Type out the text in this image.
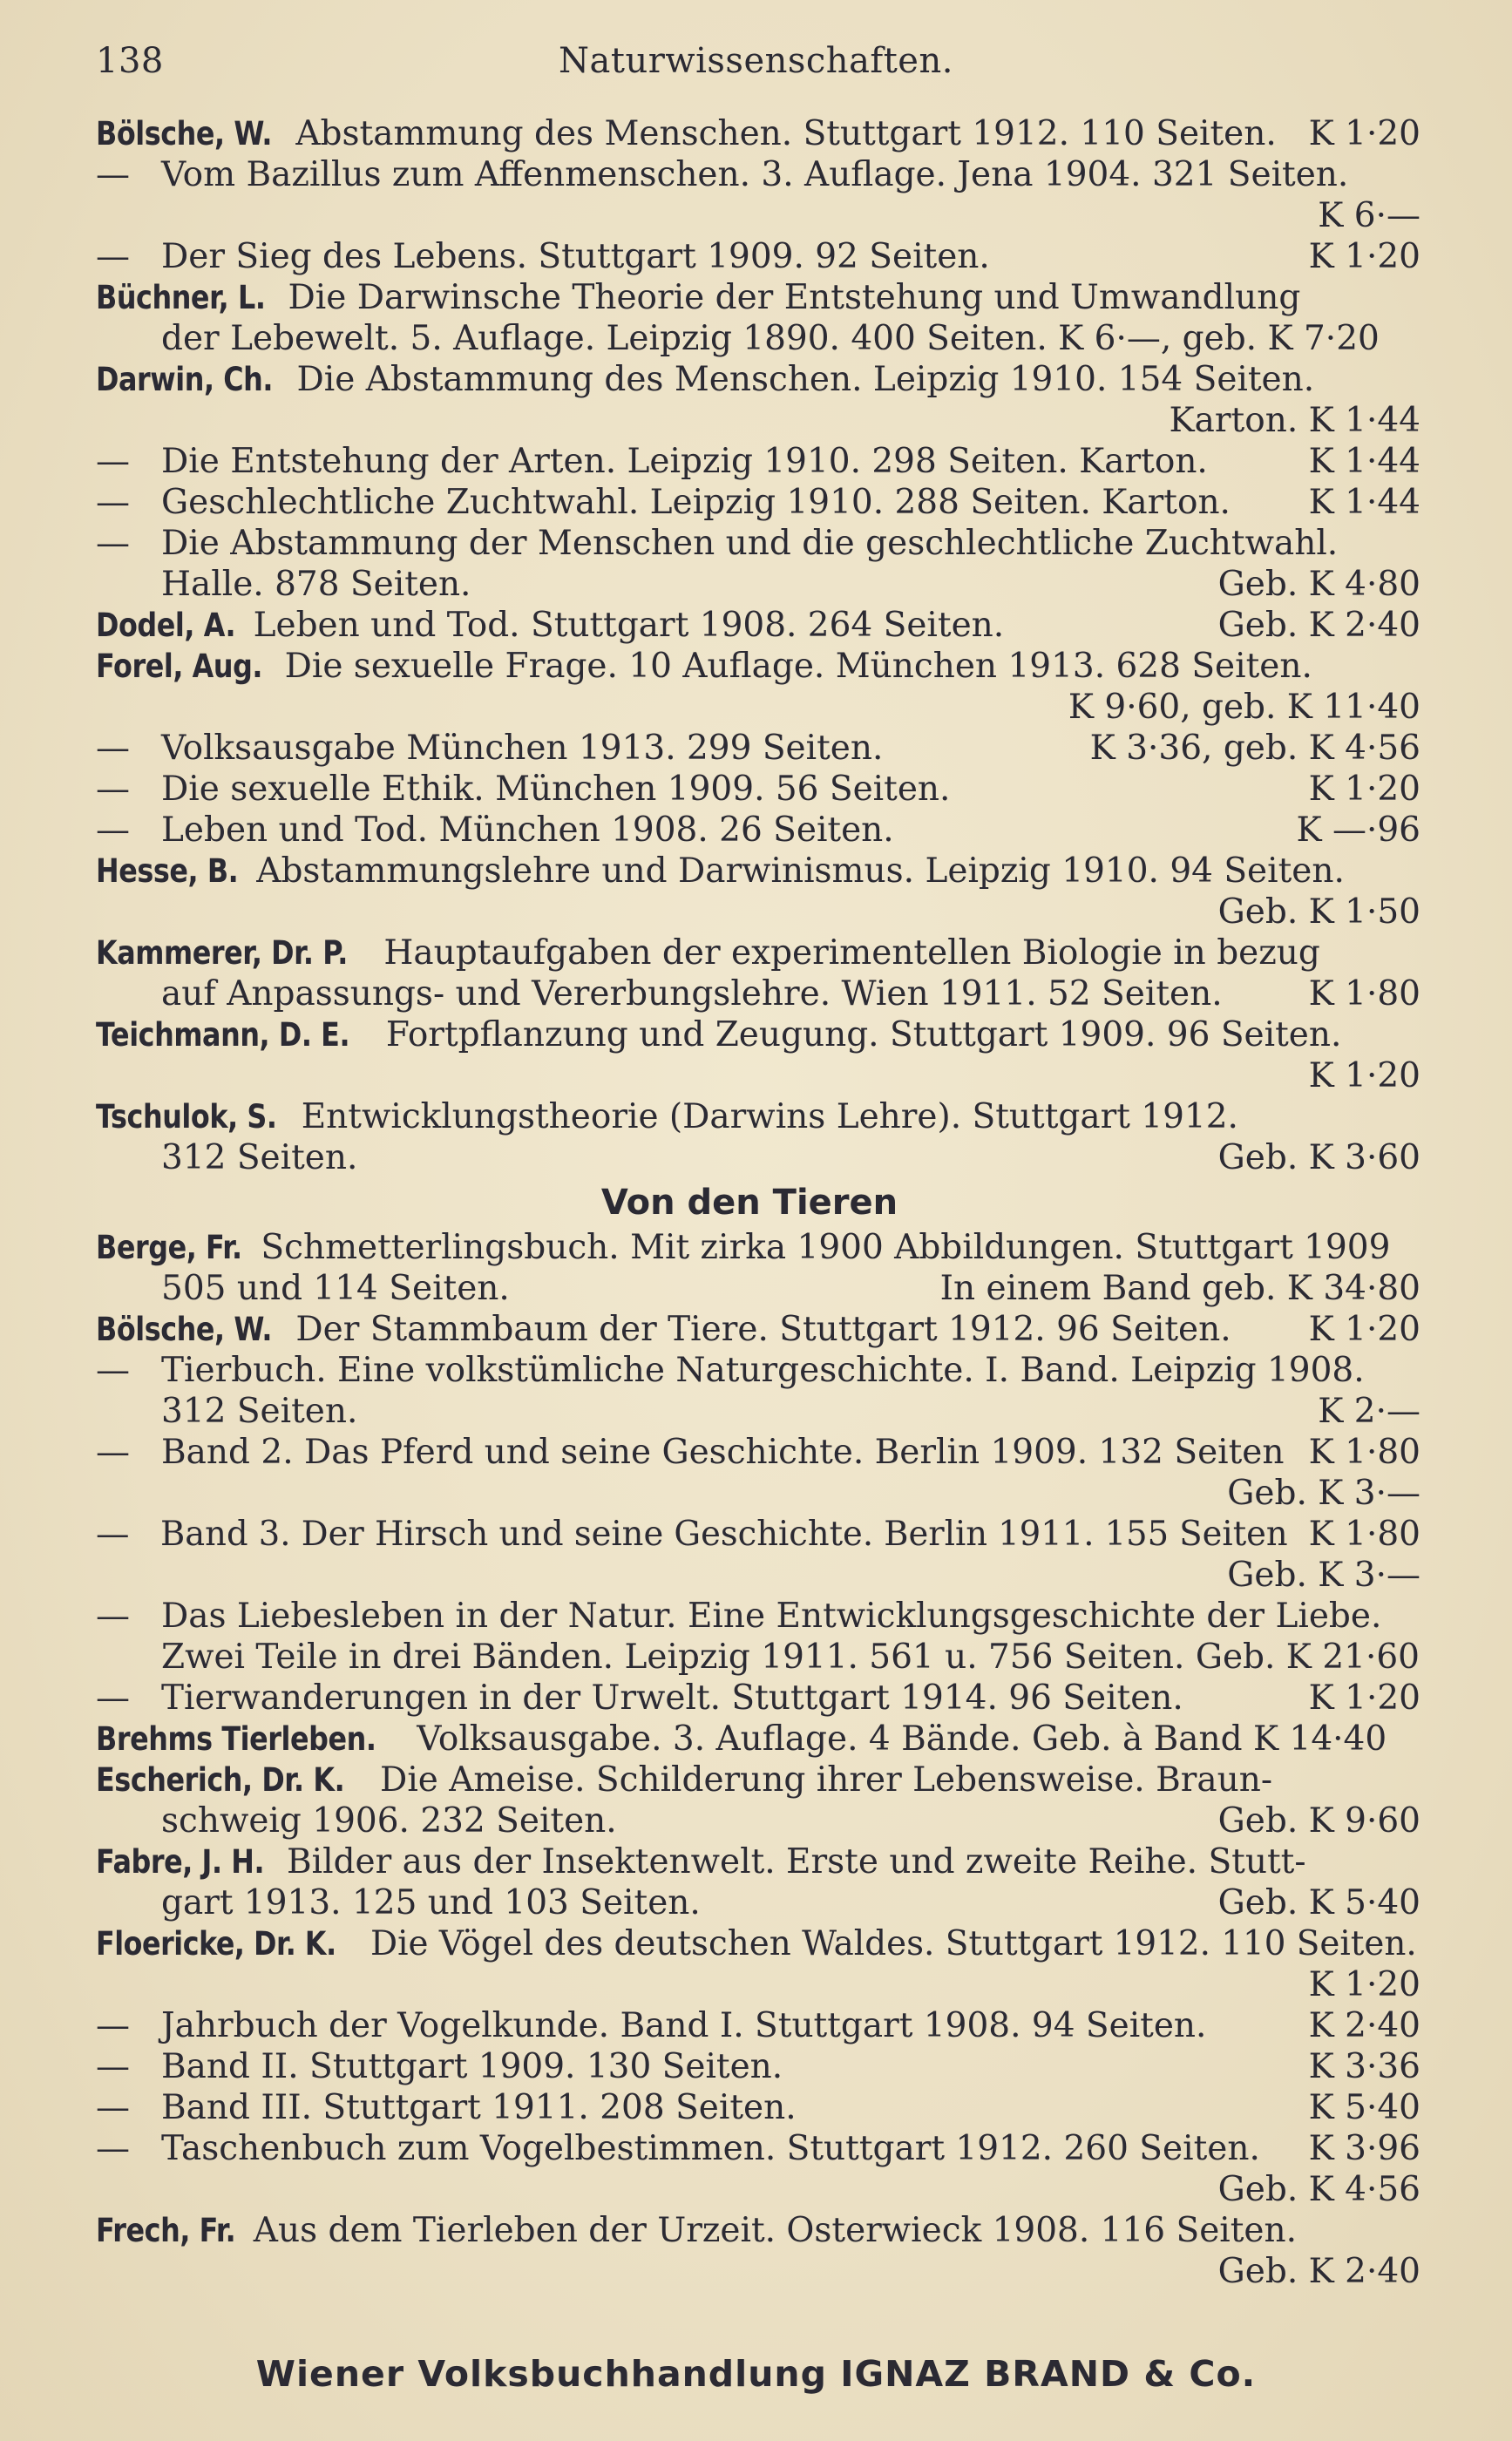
138	Naturwissenschaften.
Bölsche, W. Abstammung des Menschen. Stuttgart 1912. 110 Seiten. K 1·20
— Vom Bazillus zum Affenmenschen. 3. Auflage. Jena 1904. 321 Seiten.
K 6·—
— Der Sieg des Lebens. Stuttgart 1909. 92 Seiten.	K 1·20
Büchner, L. Die Darwinsche Theorie der Entstehung und Umwandlung
der Lebewelt. 5. Auflage. Leipzig 1890. 400 Seiten. K 6·—, geb. K 7·20
Darwin, Ch. Die Abstammung des Menschen. Leipzig 1910. 154 Seiten.
Karton. K 1·44
— Die Entstehung der Arten. Leipzig 1910. 298 Seiten. Karton.	K 1·44
— Geschlechtliche Zuchtwahl. Leipzig 1910. 288 Seiten. Karton. K 1·44
— Die Abstammung der Menschen und die geschlechtliche Zuchtwahl.
Halle. 878 Seiten.	Geb. K 4·80
Dodel, A. Leben und Tod. Stuttgart 1908. 264 Seiten.	Geb. K 2·40
Forel, Aug. Die sexuelle Frage. 10 Auflage. München 1913. 628 Seiten.
K 9·60, geb. K 11·40
— Volksausgabe München 1913. 299 Seiten.	K 3·36, geb. K 4·56
— Die sexuelle Ethik. München 1909. 56 Seiten.	K 1·20
— Leben und Tod. München 1908. 26 Seiten.	K —·96
Hesse, B. Abstammungslehre und Darwinismus. Leipzig 1910. 94 Seiten.
Geb. K 1·50
Kammerer, Dr. P. Hauptaufgaben der experimentellen Biologie in bezug
auf Anpassungs- und Vererbungslehre. Wien 1911. 52 Seiten.	K 1·80
Teichmann, D. E. Fortpflanzung und Zeugung. Stuttgart 1909. 96 Seiten.
K 1·20
Tschulok, S. Entwicklungstheorie (Darwins Lehre). Stuttgart 1912.
312 Seiten.	Geb. K 3·60
Von den Tieren
Berge, Fr. Schmetterlingsbuch. Mit zirka 1900 Abbildungen. Stuttgart 1909
505 und 114 Seiten.	In einem Band geb. K 34·80
Bölsche, W. Der Stammbaum der Tiere. Stuttgart 1912. 96 Seiten. K 1·20
— Tierbuch. Eine volkstümliche Naturgeschichte. I. Band. Leipzig 1908.
312 Seiten.	K 2·—
— Band 2. Das Pferd und seine Geschichte. Berlin 1909. 132 Seiten K 1·80
Geb. K 3·—
— Band 3. Der Hirsch und seine Geschichte. Berlin 1911. 155 Seiten K 1·80
Geb. K 3·—
— Das Liebesleben in der Natur. Eine Entwicklungsgeschichte der Liebe.
Zwei Teile in drei Bänden. Leipzig 1911. 561 u. 756 Seiten. Geb. K 21·60
— Tierwanderungen in der Urwelt. Stuttgart 1914. 96 Seiten.	K 1·20
Brehms Tierleben. Volksausgabe. 3. Auflage. 4 Bände. Geb. à Band K 14·40
Escherich, Dr. K. Die Ameise. Schilderung ihrer Lebensweise. Braun-
schweig 1906. 232 Seiten.	Geb. K 9·60
Fabre, J. H. Bilder aus der Insektenwelt. Erste und zweite Reihe. Stutt-
gart 1913. 125 und 103 Seiten.	Geb. K 5·40
Floericke, Dr. K. Die Vögel des deutschen Waldes. Stuttgart 1912. 110 Seiten.
K 1·20
— Jahrbuch der Vogelkunde. Band I. Stuttgart 1908. 94 Seiten.	K 2·40
— Band II. Stuttgart 1909. 130 Seiten.	K 3·36
— Band III. Stuttgart 1911. 208 Seiten.	K 5·40
— Taschenbuch zum Vogelbestimmen. Stuttgart 1912. 260 Seiten. K 3·96
Geb. K 4·56
Frech, Fr. Aus dem Tierleben der Urzeit. Osterwieck 1908. 116 Seiten.
Geb. K 2·40
Wiener Volksbuchhandlung IGNAZ BRAND & Co.
